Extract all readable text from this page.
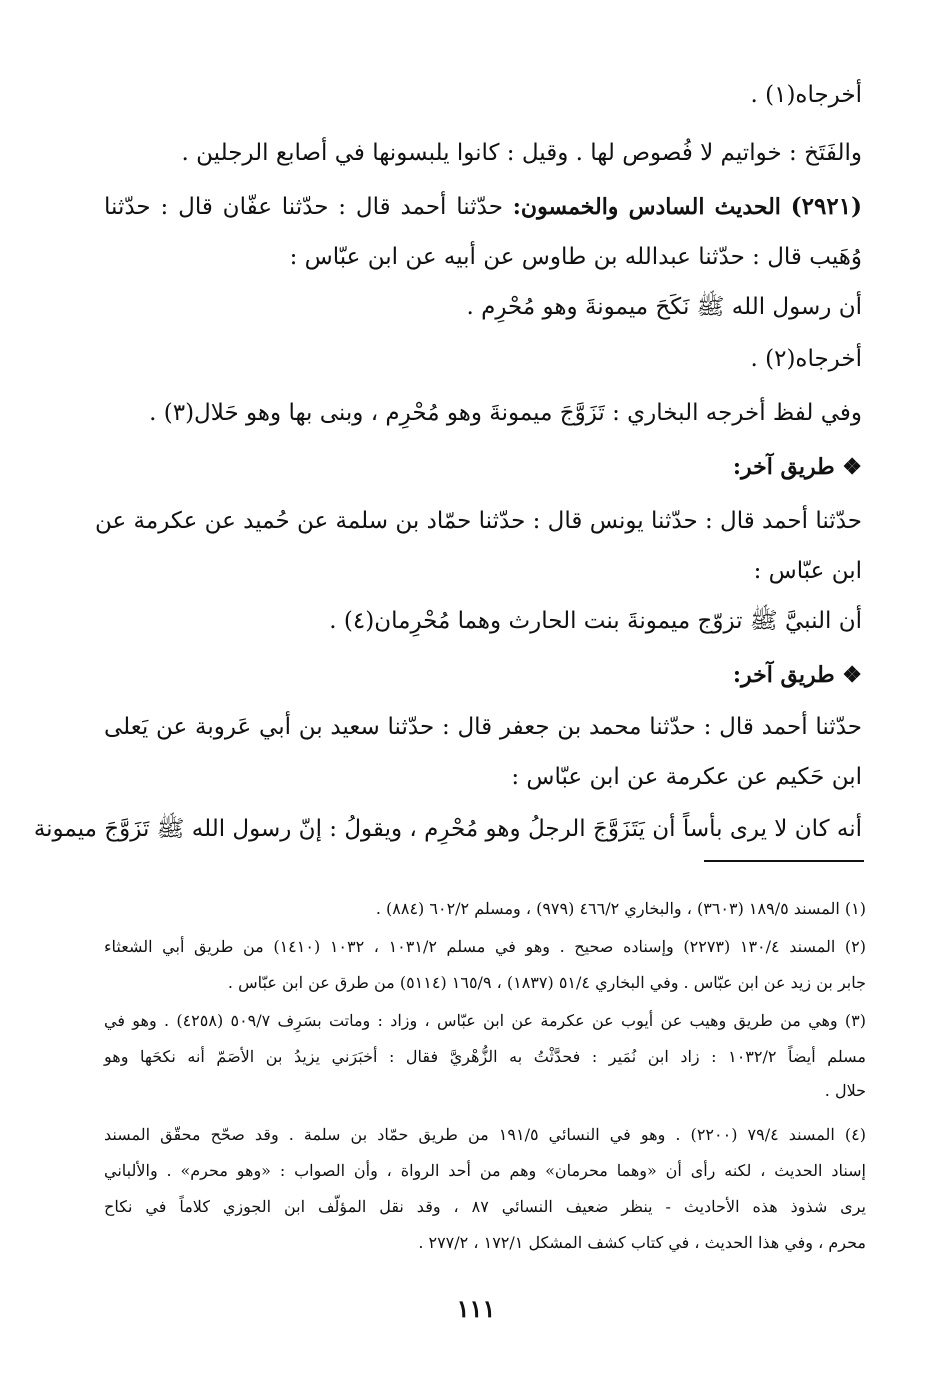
أخرجاه(١) .
والفَتَخ : خواتيم لا فُصوص لها . وقيل : كانوا يلبسونها في أصابع الرجلين .
(٢٩٢١) الحديث السادس والخمسون: حدّثنا أحمد قال : حدّثنا عفّان قال : حدّثنا
وُهَيب قال : حدّثنا عبدالله بن طاوس عن أبيه عن ابن عبّاس :
أن رسول الله ﷺ نَكَحَ ميمونةَ وهو مُحْرِم .
أخرجاه(٢) .
وفي لفظ أخرجه البخاري : تَزَوَّجَ ميمونةَ وهو مُحْرِم ، وبنى بها وهو حَلال(٣) .
❖ طريق آخر:
حدّثنا أحمد قال : حدّثنا يونس قال : حدّثنا حمّاد بن سلمة عن حُميد عن عكرمة عن
ابن عبّاس :
أن النبيَّ ﷺ تزوّج ميمونةَ بنت الحارث وهما مُحْرِمان(٤) .
❖ طريق آخر:
حدّثنا أحمد قال : حدّثنا محمد بن جعفر قال : حدّثنا سعيد بن أبي عَروبة عن يَعلى
ابن حَكيم عن عكرمة عن ابن عبّاس :
أنه كان لا يرى بأساً أن يَتَزَوَّجَ الرجلُ وهو مُحْرِم ، ويقولُ : إنّ رسول الله ﷺ تَزَوَّجَ ميمونة
(١) المسند ١٨٩/٥ (٣٦٠٣) ، والبخاري ٤٦٦/٢ (٩٧٩) ، ومسلم ٦٠٢/٢ (٨٨٤) .
(٢) المسند ١٣٠/٤ (٢٢٧٣) وإسناده صحيح . وهو في مسلم ١٠٣١/٢ ، ١٠٣٢ (١٤١٠) من طريق أبي الشعثاء
جابر بن زيد عن ابن عبّاس . وفي البخاري ٥١/٤ (١٨٣٧) ، ١٦٥/٩ (٥١١٤) من طرق عن ابن عبّاس .
(٣) وهي من طريق وهيب عن أيوب عن عكرمة عن ابن عبّاس ، وزاد : وماتت بسَرِف ٥٠٩/٧ (٤٢٥٨) . وهو في
مسلم أيضاً ١٠٣٢/٢ : زاد ابن نُمَير : فحدَّثْتُ به الزُّهْريَّ فقال : أخبَرَني يزيدُ بن الأصَمّ أنه نكحَها وهو
حلال .
(٤) المسند ٧٩/٤ (٢٢٠٠) . وهو في النسائي ١٩١/٥ من طريق حمّاد بن سلمة . وقد صحّح محقّق المسند
إسناد الحديث ، لكنه رأى أن «وهما محرمان» وهم من أحد الرواة ، وأن الصواب : «وهو محرم» . والألباني
يرى شذوذ هذه الأحاديث - ينظر ضعيف النسائي ٨٧ ، وقد نقل المؤلّف ابن الجوزي كلاماً في نكاح
محرم ، وفي هذا الحديث ، في كتاب كشف المشكل ١٧٢/١ ، ٢٧٧/٢ .
١١١
